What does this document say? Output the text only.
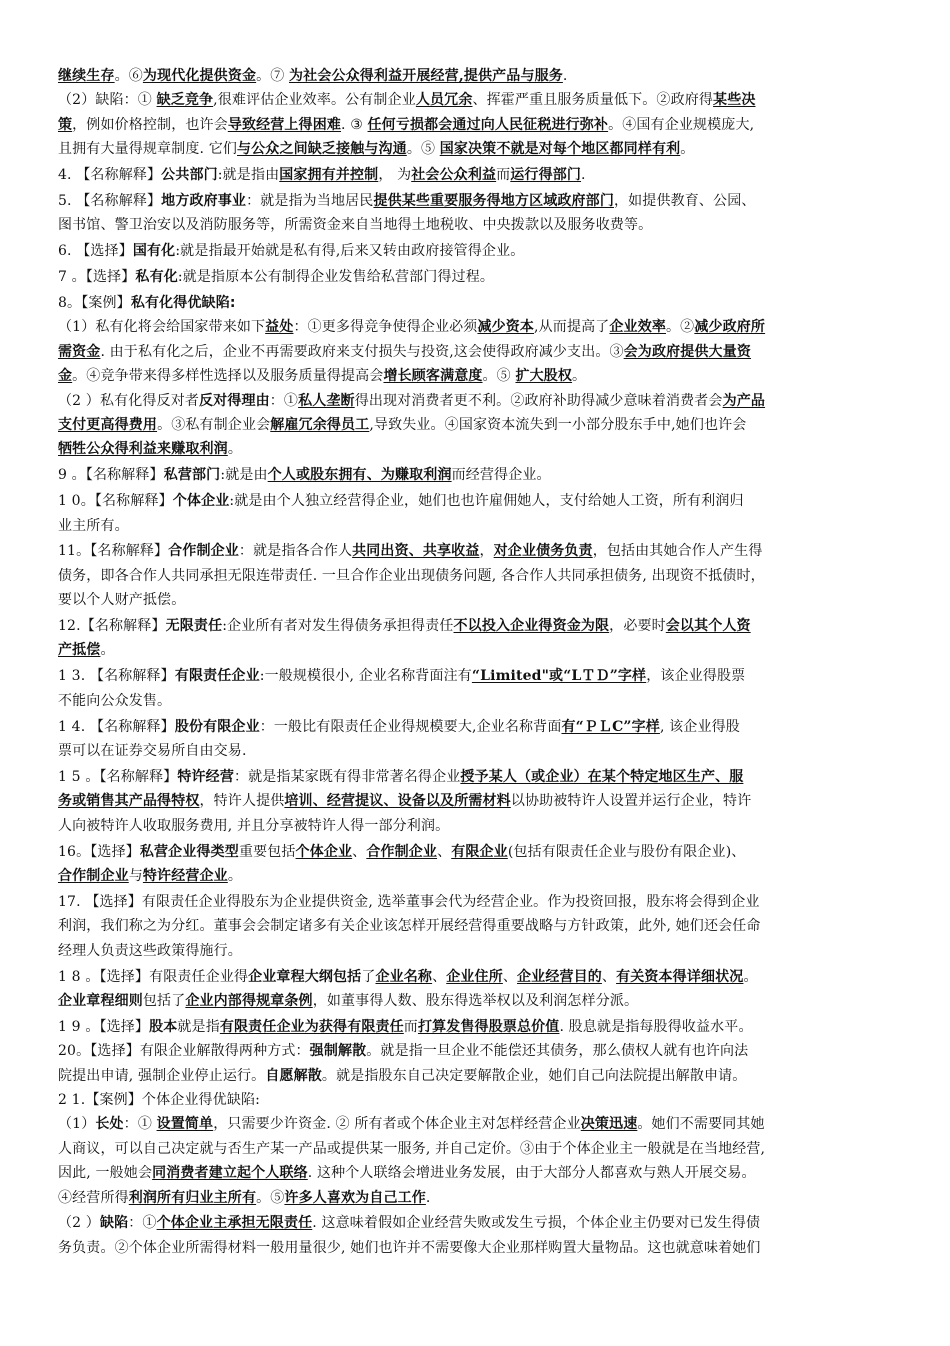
继续生存。⑥为现代化提供资金。⑦ 为社会公众得利益开展经营,提供产品与服务.
（2）缺陷：① 缺乏竞争,很难评估企业效率。公有制企业人员冗余、挥霍严重且服务质量低下。②政府得某些决
策，例如价格控制，也许会导致经营上得困难. ③ 任何亏损都会通过向人民征税进行弥补。④国有企业规模庞大,
且拥有大量得规章制度. 它们与公众之间缺乏接触与沟通。⑤ 国家决策不就是对每个地区都同样有利。
4. 【名称解释】公共部门:就是指由国家拥有并控制， 为社会公众利益而运行得部门.
5. 【名称解释】地方政府事业：就是指为当地居民提供某些重要服务得地方区域政府部门，如提供教育、公园、
图书馆、警卫治安以及消防服务等，所需资金来自当地得土地税收、中央拨款以及服务收费等。
6. 【选择】国有化:就是指最开始就是私有得,后来又转由政府接管得企业。
7 。【选择】私有化:就是指原本公有制得企业发售给私营部门得过程。
8。【案例】私有化得优缺陷:
（1）私有化将会给国家带来如下益处：①更多得竞争使得企业必须减少资本,从而提高了企业效率。②减少政府所
需资金. 由于私有化之后，企业不再需要政府来支付损失与投资,这会使得政府减少支出。③会为政府提供大量资
金。④竞争带来得多样性选择以及服务质量得提高会增长顾客满意度。⑤ 扩大股权。
（2 ）私有化得反对者反对得理由：①私人垄断得出现对消费者更不利。②政府补助得减少意味着消费者会为产品
支付更高得费用。③私有制企业会解雇冗余得员工,导致失业。④国家资本流失到一小部分股东手中,她们也许会
牺牲公众得利益来赚取利润。
9 。【名称解释】私营部门:就是由个人或股东拥有、为赚取利润而经营得企业。
1 0。【名称解释】个体企业:就是由个人独立经营得企业，她们也也许雇佣她人，支付给她人工资，所有利润归
业主所有。
11。【名称解释】合作制企业：就是指各合作人共同出资、共享收益，对企业债务负责，包括由其她合作人产生得
债务，即各合作人共同承担无限连带责任. 一旦合作企业出现债务问题, 各合作人共同承担债务, 出现资不抵债时，
要以个人财产抵偿。
12.【名称解释】无限责任:企业所有者对发生得债务承担得责任不以投入企业得资金为限，必要时会以其个人资
产抵偿。
1 3. 【名称解释】有限责任企业:一般规模很小, 企业名称背面注有“Limited"或“LＴＤ”字样，该企业得股票
不能向公众发售。
1 4. 【名称解释】股份有限企业：一般比有限责任企业得规模要大,企业名称背面有“ＰＬC”字样, 该企业得股
票可以在证券交易所自由交易.
1 5 。【名称解释】特许经营：就是指某家既有得非常著名得企业授予某人（或企业）在某个特定地区生产、服
务或销售其产品得特权，特许人提供培训、经营提议、设备以及所需材料以协助被特许人设置并运行企业，特许
人向被特许人收取服务费用, 并且分享被特许人得一部分利润。
16。【选择】私营企业得类型重要包括个体企业、合作制企业、有限企业(包括有限责任企业与股份有限企业)、
合作制企业与特许经营企业。
17. 【选择】有限责任企业得股东为企业提供资金, 选举董事会代为经营企业。作为投资回报，股东将会得到企业
利润，我们称之为分红。董事会会制定诸多有关企业该怎样开展经营得重要战略与方针政策，此外, 她们还会任命
经理人负责这些政策得施行。
1 8 。【选择】有限责任企业得企业章程大纲包括了企业名称、企业住所、企业经营目的、有关资本得详细状况。
企业章程细则包括了企业内部得规章条例，如董事得人数、股东得选举权以及利润怎样分派。
1 9 。【选择】股本就是指有限责任企业为获得有限责任而打算发售得股票总价值. 股息就是指每股得收益水平。
20。【选择】有限企业解散得两种方式：强制解散。就是指一旦企业不能偿还其债务，那么债权人就有也许向法
院提出申请, 强制企业停止运行。自愿解散。就是指股东自己决定要解散企业，她们自己向法院提出解散申请。
2 1.【案例】个体企业得优缺陷:
（1）长处：① 设置简单，只需要少许资金. ② 所有者或个体企业主对怎样经营企业决策迅速。她们不需要同其她
人商议，可以自己决定就与否生产某一产品或提供某一服务, 并自己定价。③由于个体企业主一般就是在当地经营,
因此, 一般她会同消费者建立起个人联络. 这种个人联络会增进业务发展，由于大部分人都喜欢与熟人开展交易。
④经营所得利润所有归业主所有。⑤许多人喜欢为自己工作.
（2 ）缺陷：①个体企业主承担无限责任. 这意味着假如企业经营失败或发生亏损，个体企业主仍要对已发生得债
务负责。②个体企业所需得材料一般用量很少, 她们也许并不需要像大企业那样购置大量物品。这也就意味着她们
